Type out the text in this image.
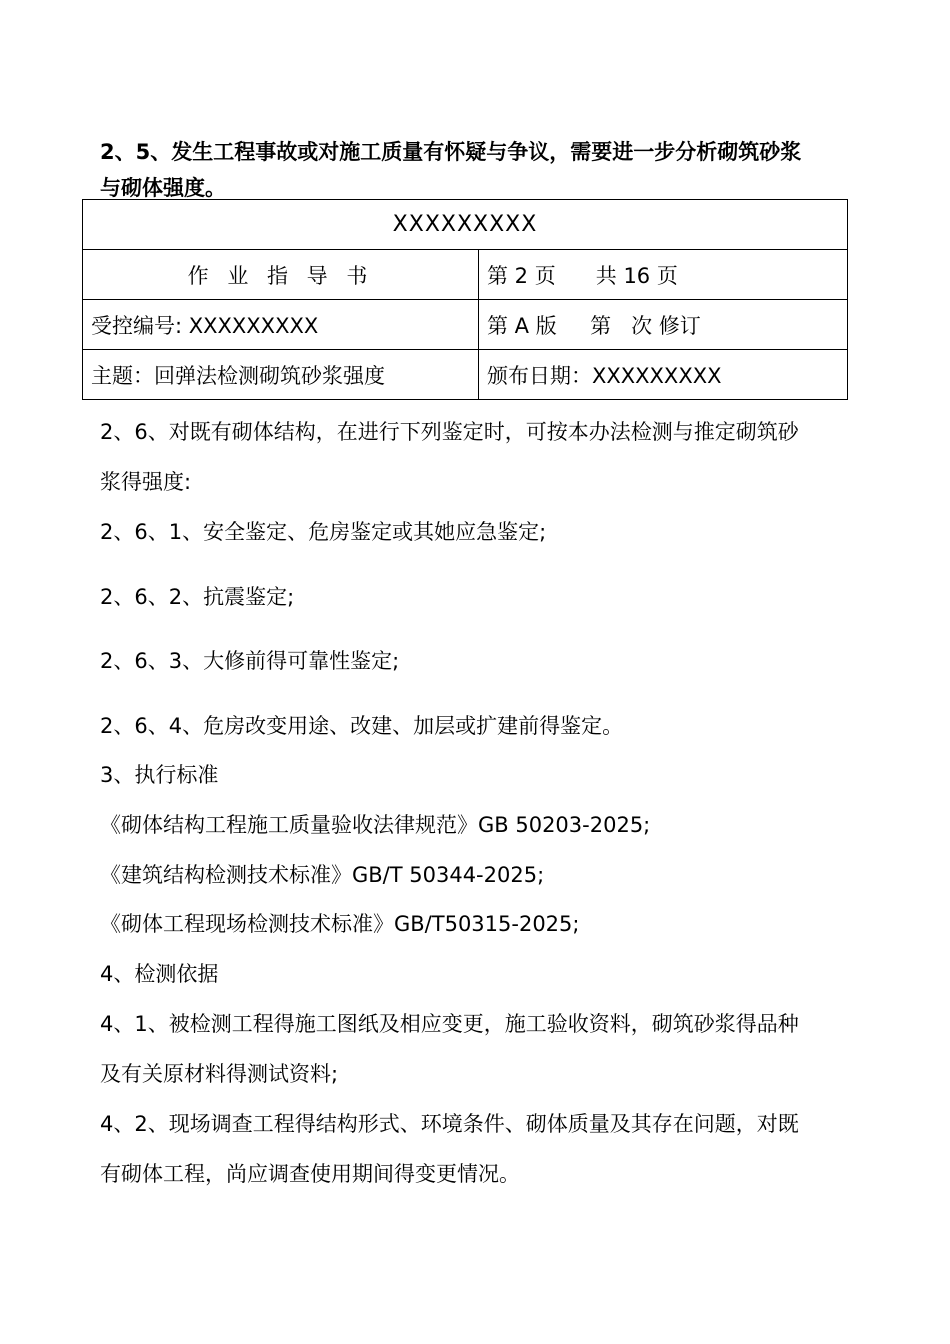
2、5、发生工程事故或对施工质量有怀疑与争议，需要进一步分析砌筑砂浆
与砌体强度。
XXXXXXXXX	
作 业 指 导 书	第 2 页      共 16 页
受控编号: XXXXXXXXX	第 A 版     第   次 修订
主题：回弹法检测砌筑砂浆强度	颁布日期：XXXXXXXXX
2、6、对既有砌体结构，在进行下列鉴定时，可按本办法检测与推定砌筑砂
浆得强度:
2、6、1、安全鉴定、危房鉴定或其她应急鉴定;
2、6、2、抗震鉴定;
2、6、3、大修前得可靠性鉴定;
2、6、4、危房改变用途、改建、加层或扩建前得鉴定。
3、执行标准
《砌体结构工程施工质量验收法律规范》GB 50203-2025;
《建筑结构检测技术标准》GB/T 50344-2025;
《砌体工程现场检测技术标准》GB/T50315-2025;
4、检测依据
4、1、被检测工程得施工图纸及相应变更，施工验收资料，砌筑砂浆得品种
及有关原材料得测试资料;
4、2、现场调查工程得结构形式、环境条件、砌体质量及其存在问题，对既
有砌体工程，尚应调查使用期间得变更情况。
